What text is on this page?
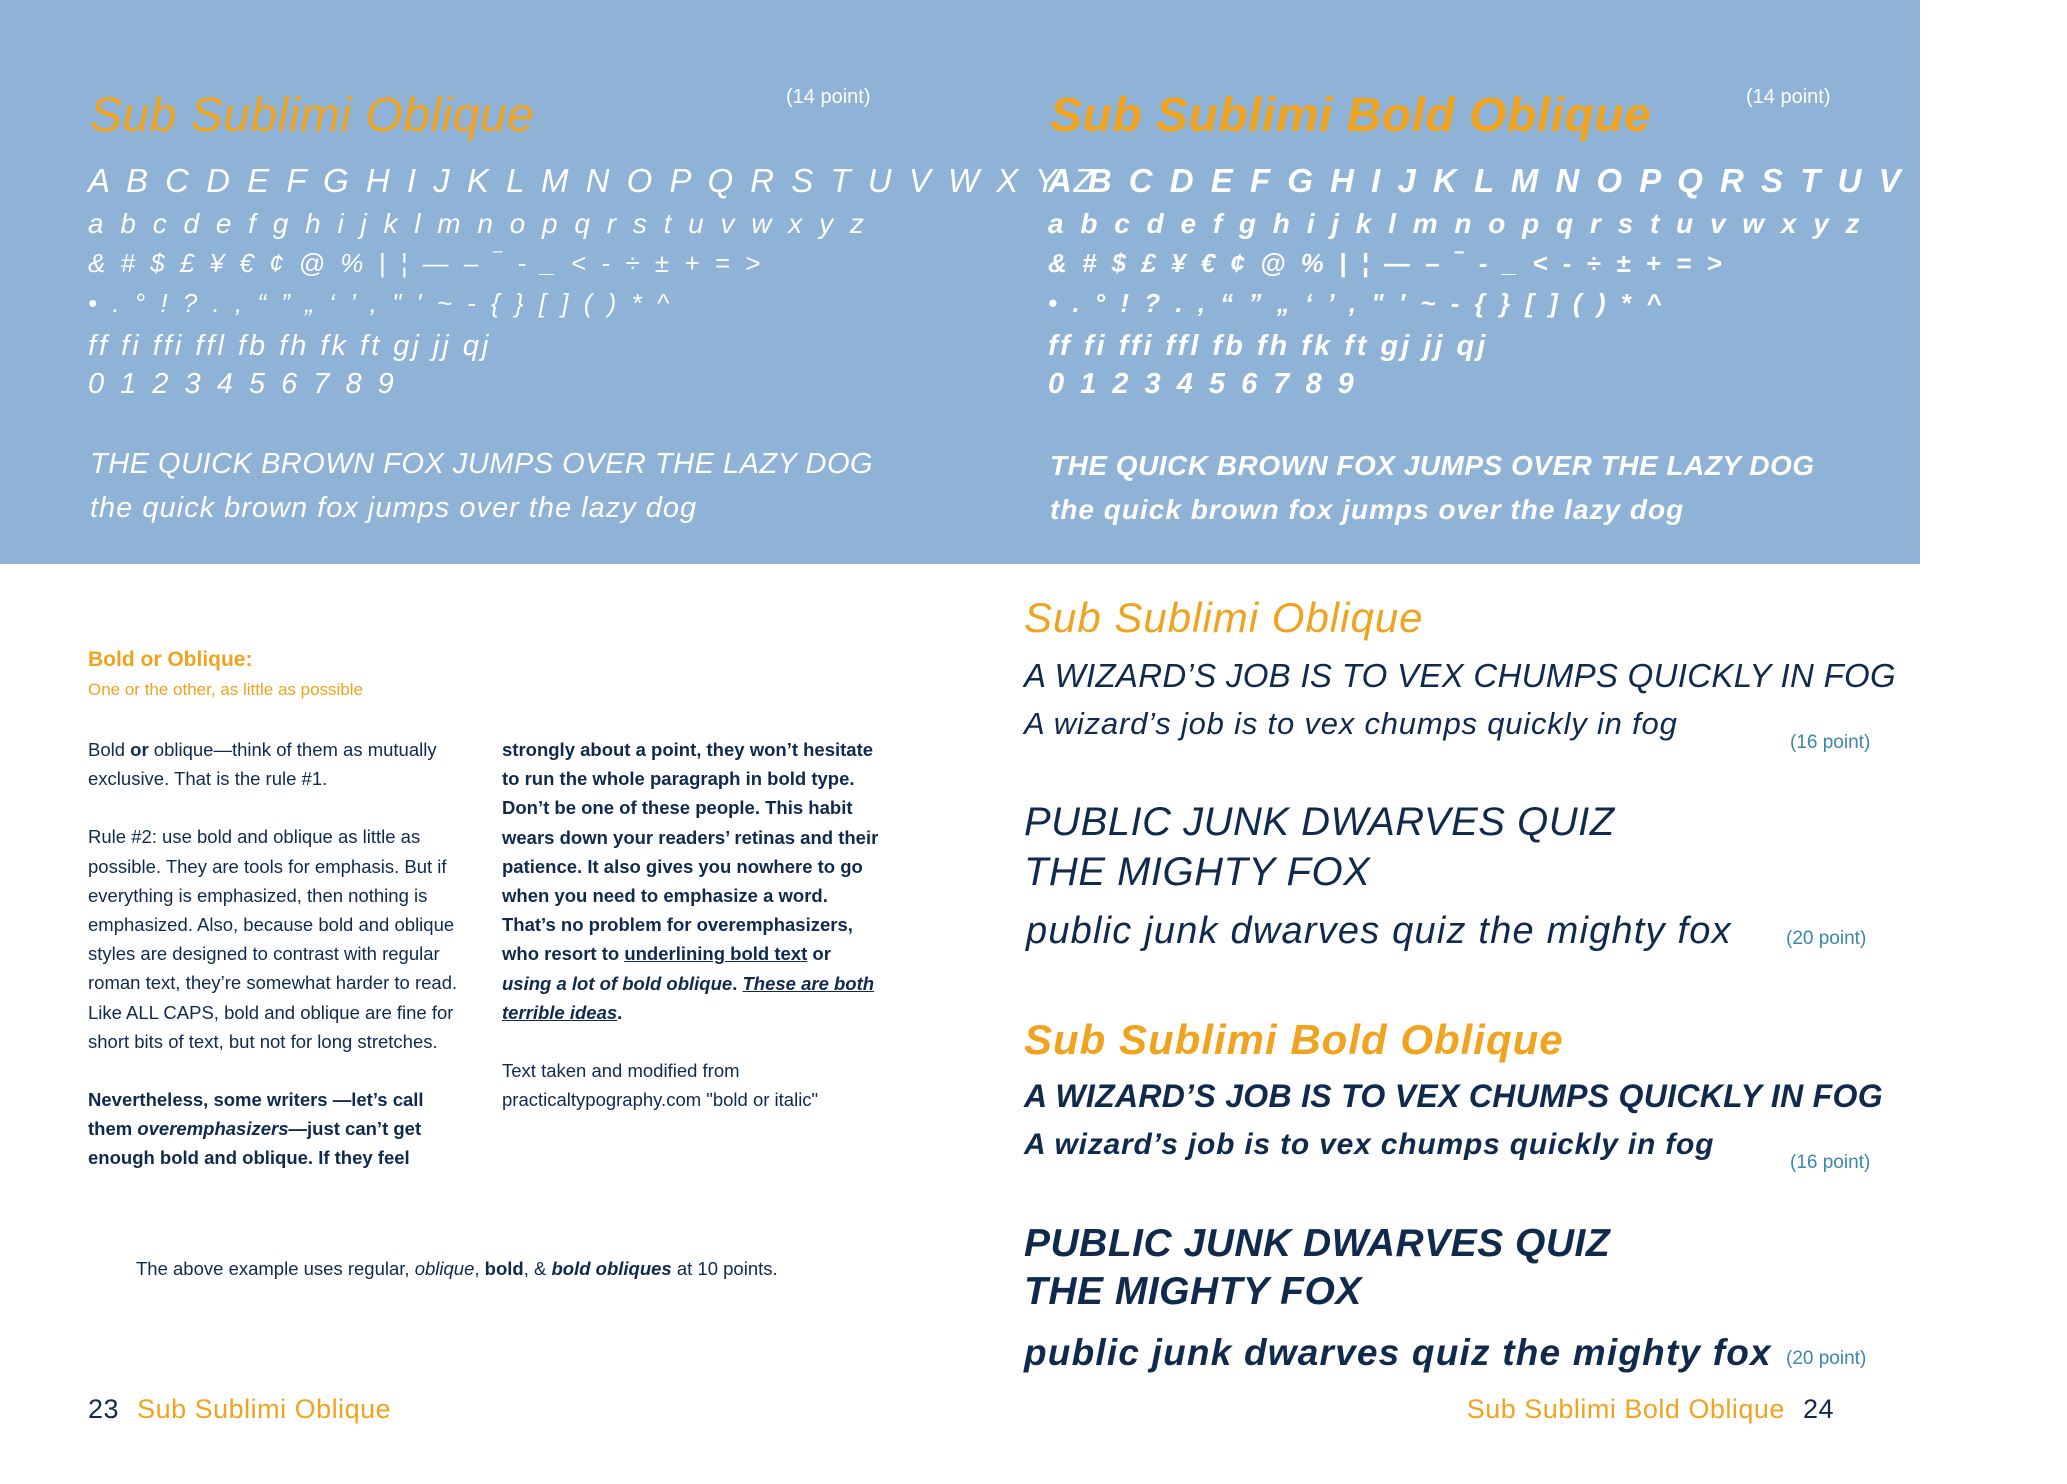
Sub Sublimi Oblique	(14 point)
A B C D E F G H I J K L M N O P Q R S T U V W X Y Z
a b c d e f g h i j k l m n o p q r s t u v w x y z
& # $ £ ¥ € ¢ @ % | ¦ — – ‾ - _ < - ÷ ± + = >
• . ° ! ? . , “ ” „ ‘ ’ , " ' ~ - { } [ ] ( ) * ^
ff fi ffi ffl fb fh fk ft gj jj qj
0 1 2 3 4 5 6 7 8 9
THE QUICK BROWN FOX JUMPS OVER THE LAZY DOG
the quick brown fox jumps over the lazy dog
Sub Sublimi Bold Oblique	(14 point)
A B C D E F G H I J K L M N O P Q R S T U V W X Y Z
a b c d e f g h i j k l m n o p q r s t u v w x y z
& # $ £ ¥ € ¢ @ % | ¦ — – ‾ - _ < - ÷ ± + = >
• . ° ! ? . , “ ” „ ‘ ’ , " ' ~ - { } [ ] ( ) * ^
ff fi ffi ffl fb fh fk ft gj jj qj
0 1 2 3 4 5 6 7 8 9
THE QUICK BROWN FOX JUMPS OVER THE LAZY DOG
the quick brown fox jumps over the lazy dog
Bold or Oblique:
One or the other, as little as possible

Bold or oblique—think of them as mutually exclusive. That is the rule #1.

Rule #2: use bold and oblique as little as possible. They are tools for emphasis. But if everything is emphasized, then nothing is emphasized. Also, because bold and oblique styles are designed to contrast with regular roman text, they’re somewhat harder to read. Like ALL CAPS, bold and oblique are fine for short bits of text, but not for long stretches.

Nevertheless, some writers —let’s call them overemphasizers—just can’t get enough bold and oblique. If they feel

strongly about a point, they won’t hesitate to run the whole paragraph in bold type. Don’t be one of these people. This habit wears down your readers’ retinas and their patience. It also gives you nowhere to go when you need to emphasize a word. That’s no problem for overemphasizers, who resort to underlining bold text or using a lot of bold oblique. These are both terrible ideas.

Text taken and modified from practicaltypography.com "bold or italic"

The above example uses regular, oblique, bold, & bold obliques at 10 points.
Sub Sublimi Oblique
A WIZARD’S JOB IS TO VEX CHUMPS QUICKLY IN FOG
A wizard’s job is to vex chumps quickly in fog
(16 point)
PUBLIC JUNK DWARVES QUIZ
THE MIGHTY FOX
public junk dwarves quiz the mighty fox	(20 point)
Sub Sublimi Bold Oblique
A WIZARD’S JOB IS TO VEX CHUMPS QUICKLY IN FOG
A wizard’s job is to vex chumps quickly in fog
(16 point)
PUBLIC JUNK DWARVES QUIZ
THE MIGHTY FOX
public junk dwarves quiz the mighty fox (20 point)
23 Sub Sublimi Oblique	Sub Sublimi Bold Oblique 24
